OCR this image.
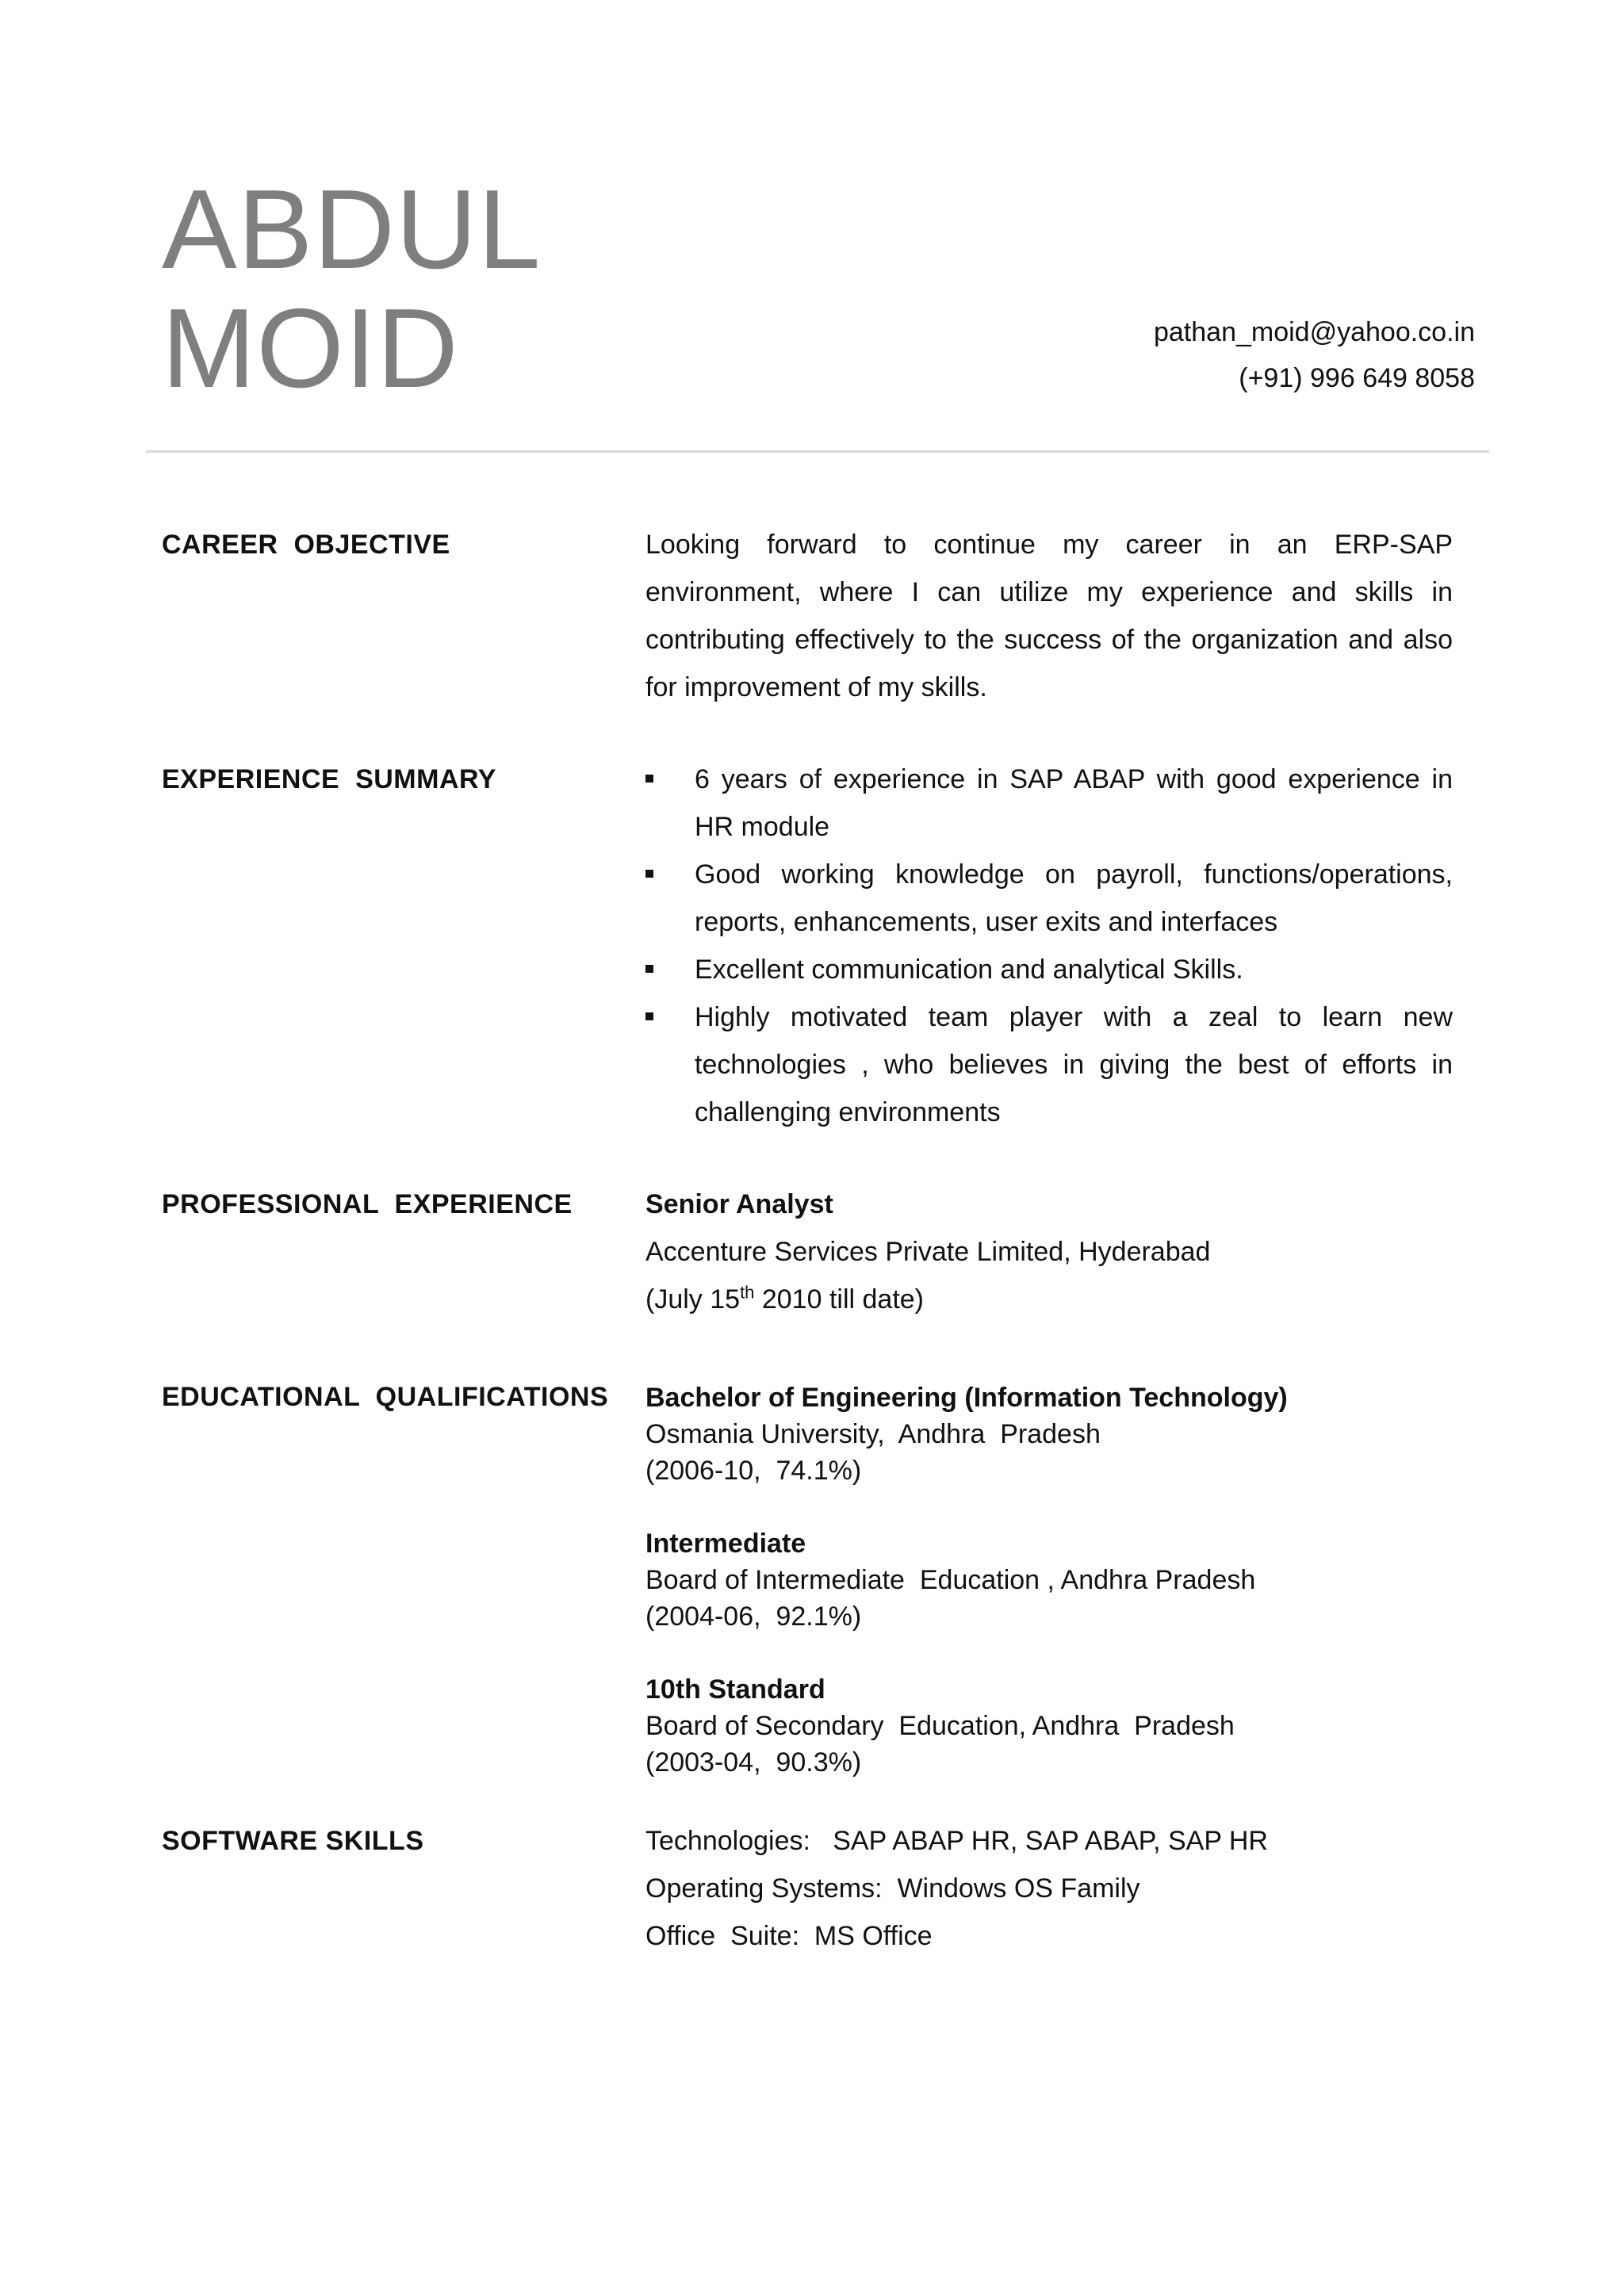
ABDUL
MOID	pathan_moid@yahoo.co.in
(+91) 996 649 8058
CAREER  OBJECTIVE	Looking forward to continue my career in an ERP-SAP environment, where I can utilize my experience and skills in contributing effectively to the success of the organization and also for improvement of my skills.
EXPERIENCE  SUMMARY	6 years of experience in SAP ABAP with good experience in HR module
Good working knowledge on payroll, functions/operations, reports, enhancements, user exits and interfaces
Excellent communication and analytical Skills.
Highly motivated team player with a zeal to learn new technologies , who believes in giving the best of efforts in challenging environments
PROFESSIONAL  EXPERIENCE	Senior Analyst
Accenture Services Private Limited, Hyderabad
(July 15th 2010 till date)
EDUCATIONAL  QUALIFICATIONS Bachelor of Engineering (Information Technology)
Osmania University,  Andhra  Pradesh
(2006-10,  74.1%)
Intermediate
Board of Intermediate  Education , Andhra Pradesh
(2004-06,  92.1%)
10th Standard
Board of Secondary  Education, Andhra  Pradesh
(2003-04,  90.3%)
SOFTWARE SKILLS	Technologies:   SAP ABAP HR, SAP ABAP, SAP HR
Operating Systems:  Windows OS Family
Office  Suite:  MS Office
